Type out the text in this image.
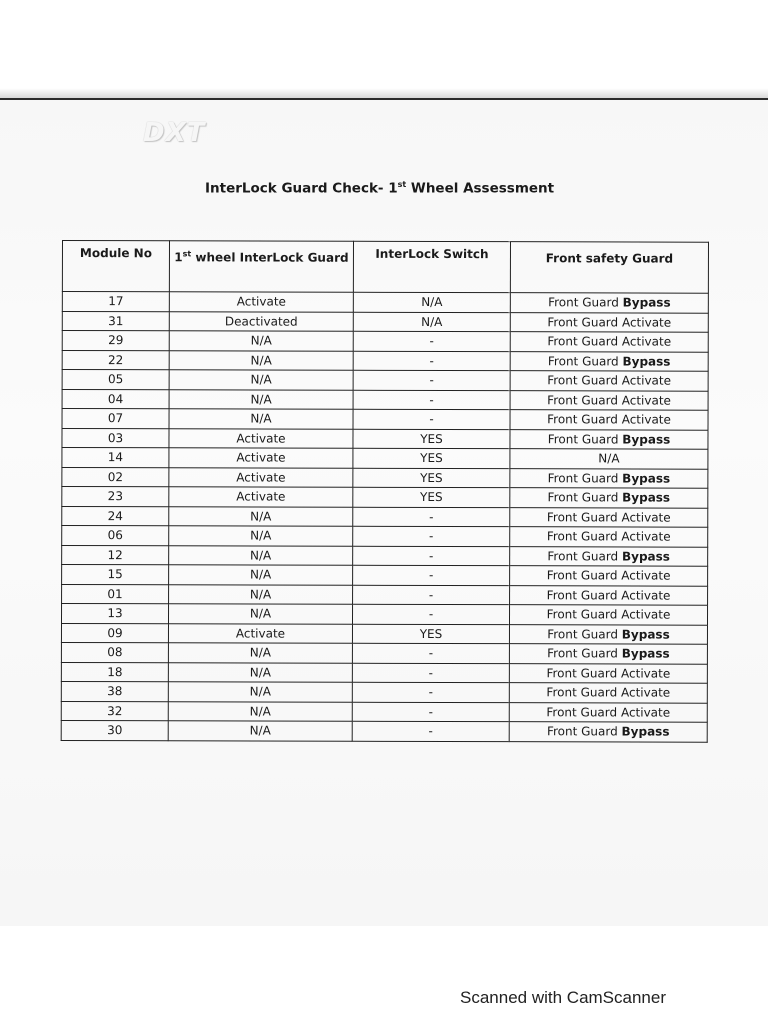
DXT
InterLock Guard Check- 1st Wheel Assessment
Module No	1st wheel InterLock Guard	InterLock Switch	Front safety Guard
17	Activate	N/A	Front Guard Bypass
31	Deactivated	N/A	Front Guard Activate
29	N/A	-	Front Guard Activate
22	N/A	-	Front Guard Bypass
05	N/A	-	Front Guard Activate
04	N/A	-	Front Guard Activate
07	N/A	-	Front Guard Activate
03	Activate	YES	Front Guard Bypass
14	Activate	YES	N/A
02	Activate	YES	Front Guard Bypass
23	Activate	YES	Front Guard Bypass
24	N/A	-	Front Guard Activate
06	N/A	-	Front Guard Activate
12	N/A	-	Front Guard Bypass
15	N/A	-	Front Guard Activate
01	N/A	-	Front Guard Activate
13	N/A	-	Front Guard Activate
09	Activate	YES	Front Guard Bypass
08	N/A	-	Front Guard Bypass
18	N/A	-	Front Guard Activate
38	N/A	-	Front Guard Activate
32	N/A	-	Front Guard Activate
30	N/A	-	Front Guard Bypass
Scanned with CamScanner
